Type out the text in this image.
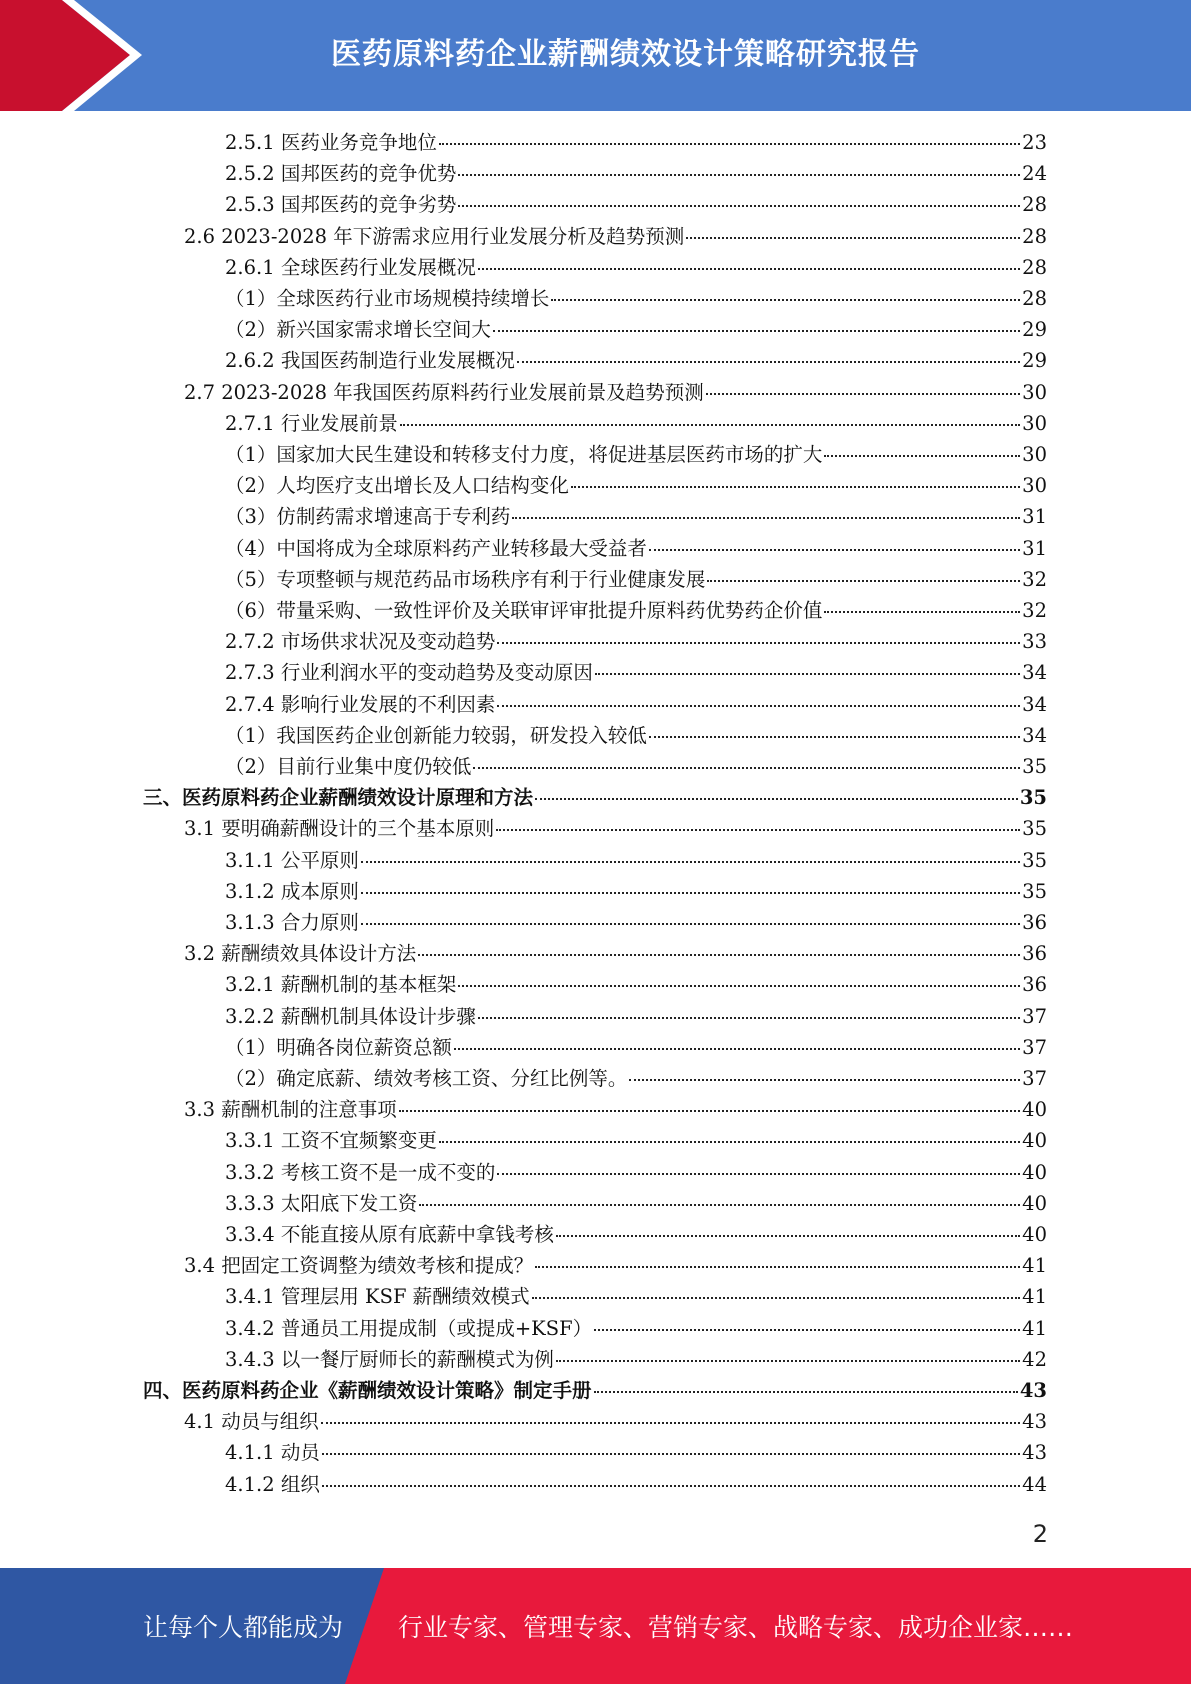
医药原料药企业薪酬绩效设计策略研究报告
2.5.1 医药业务竞争地位	23
2.5.2 国邦医药的竞争优势	24
2.5.3 国邦医药的竞争劣势	28
2.6 2023-2028 年下游需求应用行业发展分析及趋势预测	28
2.6.1 全球医药行业发展概况	28
（1）全球医药行业市场规模持续增长	28
（2）新兴国家需求增长空间大	29
2.6.2 我国医药制造行业发展概况	29
2.7 2023-2028 年我国医药原料药行业发展前景及趋势预测	30
2.7.1 行业发展前景	30
（1）国家加大民生建设和转移支付力度，将促进基层医药市场的扩大	30
（2）人均医疗支出增长及人口结构变化	30
（3）仿制药需求增速高于专利药	31
（4）中国将成为全球原料药产业转移最大受益者	31
（5）专项整顿与规范药品市场秩序有利于行业健康发展	32
（6）带量采购、一致性评价及关联审评审批提升原料药优势药企价值	32
2.7.2 市场供求状况及变动趋势	33
2.7.3 行业利润水平的变动趋势及变动原因	34
2.7.4 影响行业发展的不利因素	34
（1）我国医药企业创新能力较弱，研发投入较低	34
（2）目前行业集中度仍较低	35
三、医药原料药企业薪酬绩效设计原理和方法	35
3.1 要明确薪酬设计的三个基本原则	35
3.1.1 公平原则	35
3.1.2 成本原则	35
3.1.3 合力原则	36
3.2 薪酬绩效具体设计方法	36
3.2.1 薪酬机制的基本框架	36
3.2.2 薪酬机制具体设计步骤	37
（1）明确各岗位薪资总额	37
（2）确定底薪、绩效考核工资、分红比例等。	37
3.3 薪酬机制的注意事项	40
3.3.1 工资不宜频繁变更	40
3.3.2 考核工资不是一成不变的	40
3.3.3 太阳底下发工资	40
3.3.4 不能直接从原有底薪中拿钱考核	40
3.4 把固定工资调整为绩效考核和提成？	41
3.4.1 管理层用 KSF 薪酬绩效模式	41
3.4.2 普通员工用提成制（或提成+KSF）	41
3.4.3 以一餐厅厨师长的薪酬模式为例	42
四、医药原料药企业《薪酬绩效设计策略》制定手册	43
4.1 动员与组织	43
4.1.1 动员	43
4.1.2 组织	44
2
让每个人都能成为 行业专家、管理专家、营销专家、战略专家、成功企业家……
